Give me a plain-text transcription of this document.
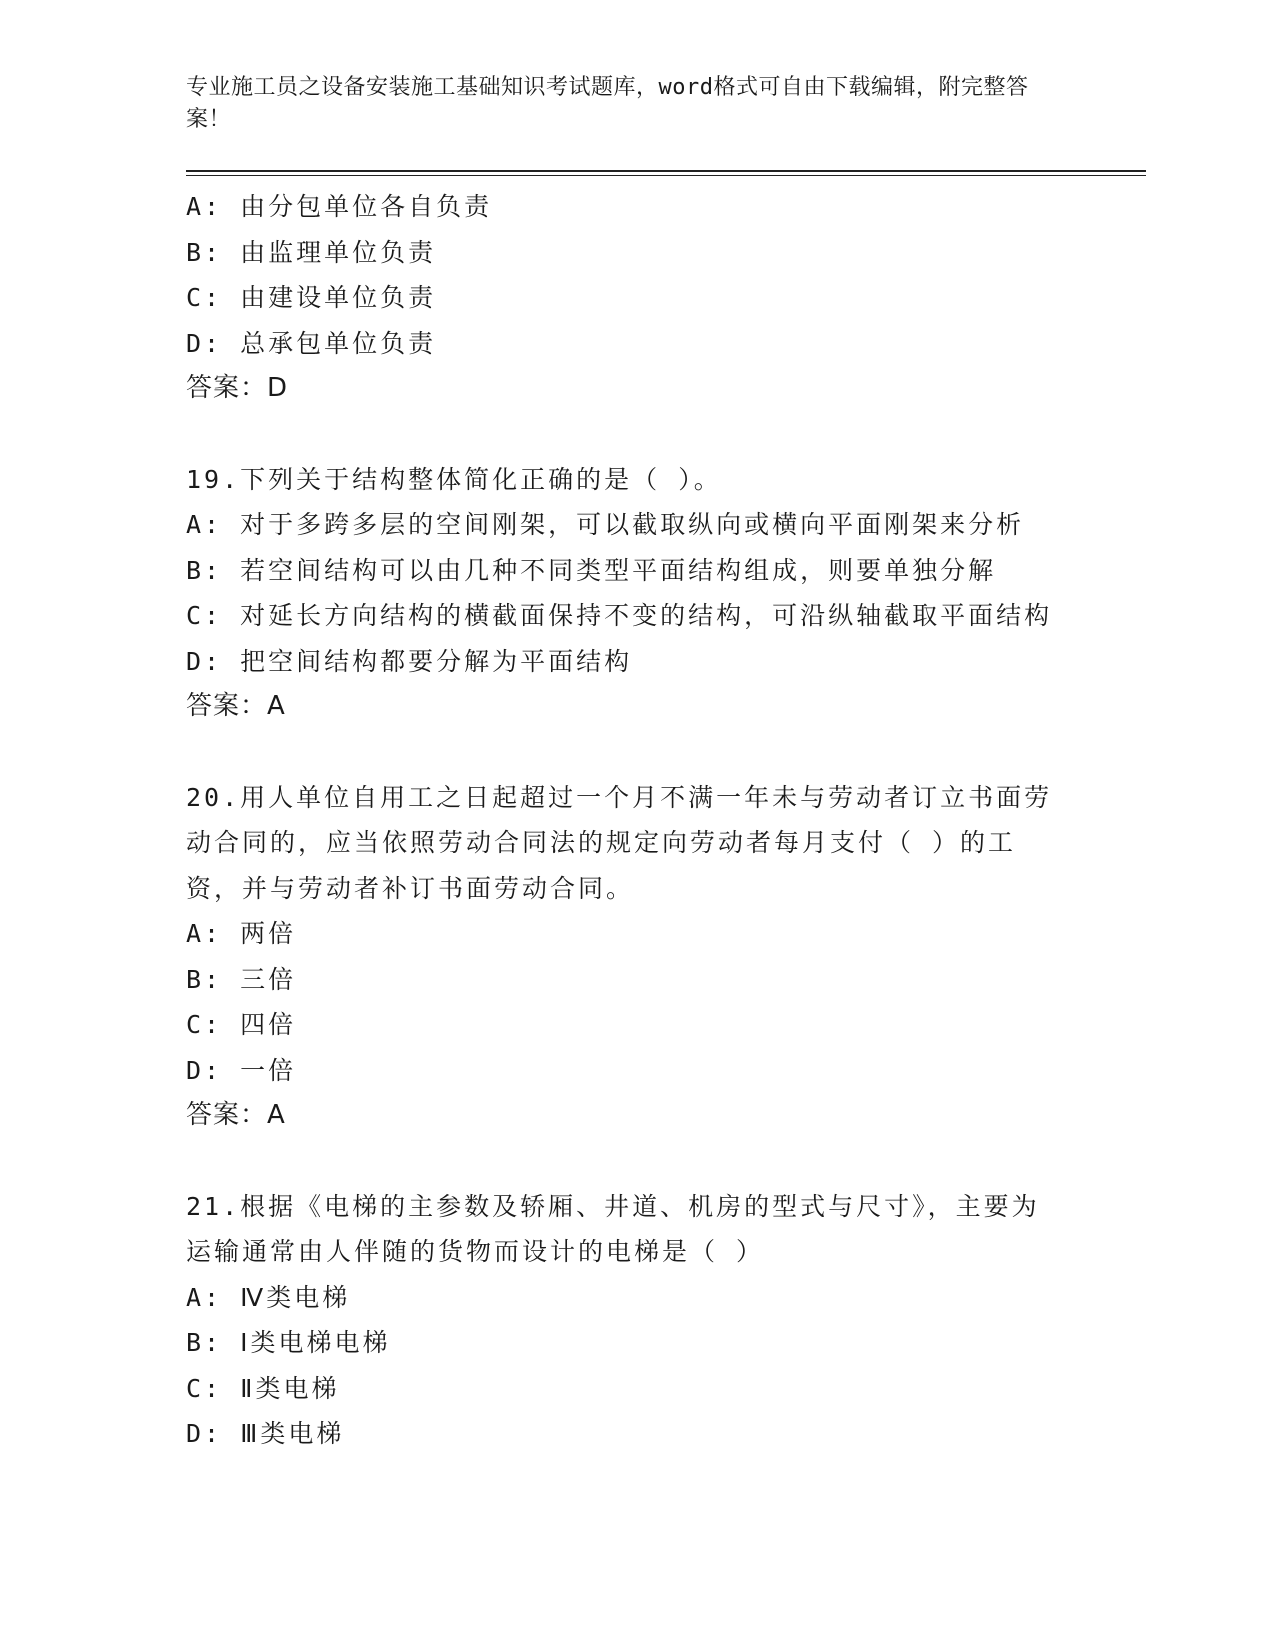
专业施工员之设备安装施工基础知识考试题库，word格式可自由下载编辑，附完整答案！

A: 由分包单位各自负责

B: 由监理单位负责

C: 由建设单位负责

D: 总承包单位负责

答案：D

19.下列关于结构整体简化正确的是（ ）。

A: 对于多跨多层的空间刚架，可以截取纵向或横向平面刚架来分析

B: 若空间结构可以由几种不同类型平面结构组成，则要单独分解

C: 对延长方向结构的横截面保持不变的结构，可沿纵轴截取平面结构

D: 把空间结构都要分解为平面结构

答案：A

20.用人单位自用工之日起超过一个月不满一年未与劳动者订立书面劳动合同的，应当依照劳动合同法的规定向劳动者每月支付（ ）的工资，并与劳动者补订书面劳动合同。

A: 两倍

B: 三倍

C: 四倍

D: 一倍

答案：A

21.根据《电梯的主参数及轿厢、井道、机房的型式与尺寸》，主要为运输通常由人伴随的货物而设计的电梯是（ ）

A: Ⅳ类电梯

B: Ⅰ类电梯电梯

C: Ⅱ类电梯

D: Ⅲ类电梯
